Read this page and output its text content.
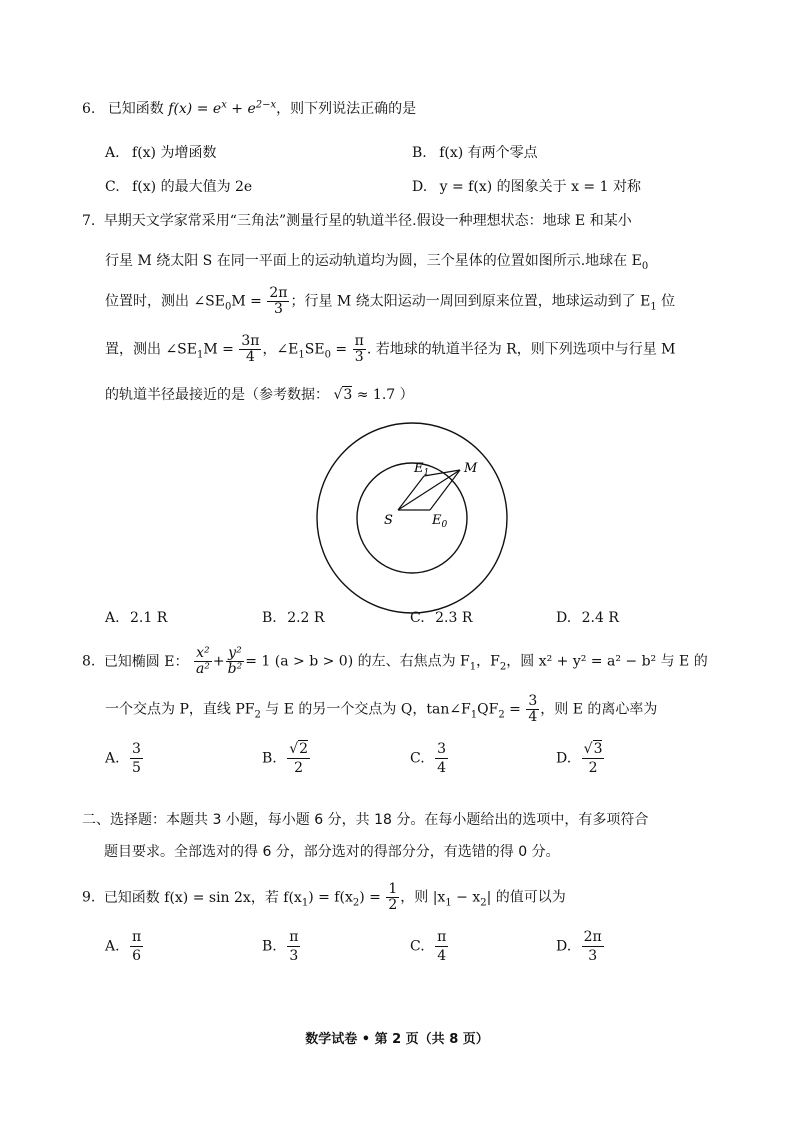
6. 已知函数 $f(x) = e^x + e^{2-x}$，则下列说法正确的是
A. f(x) 为增函数	B. f(x) 有两个零点
C. f(x) 的最大值为 2e	D. y = f(x) 的图象关于 x = 1 对称
7. 早期天文学家常采用“三角法”测量行星的轨道半径.假设一种理想状态：地球 E 和某小
行星 M 绕太阳 S 在同一平面上的运动轨道均为圆，三个星体的位置如图所示.地球在 $E_0$
位置时，测出 $\angle SE_0M = \frac{2\pi}{3}$ ；行星 M 绕太阳运动一周回到原来位置，地球运动到了 $E_1$ 位
置，测出 $\angle SE_1M = \frac{3\pi}{4}$ ，$\angle E_1SE_0 = \frac{\pi}{3}$ . 若地球的轨道半径为 R，则下列选项中与行星 M
的轨道半径最接近的是（参考数据： √3 ≈ 1.7 ）
$E_1$	M
S	$E_0$
A. 2.1 R	B. 2.2 R	C. 2.3 R	D. 2.4 R
8. 已知椭圆 E： $\frac{\text{x²}}{\text{a²}} + \frac{\text{y²}}{\text{b²}} = 1$ (a > b > 0) 的左、右焦点为 $F_1$，$F_2$，圆 x² + y² = a² − b² 与 E 的
一个交点为 P，直线 $PF_2$ 与 E 的另一个交点为 Q，$\tan\angle F_1QF_2 = \frac{3}{4}$ ，则 E 的离心率为
A. $\frac{3}{5}$	B. $\frac{√2}{2}$	C. $\frac{3}{4}$	D. $\frac{√3}{2}$
二、选择题：本题共 3 小题，每小题 6 分，共 18 分。在每小题给出的选项中，有多项符合
题目要求。全部选对的得 6 分，部分选对的得部分分，有选错的得 0 分。
9. 已知函数 f(x) = sin 2x，若 $f(x_1) = f(x_2) = \frac{1}{2}$ ，则 $|x_1 - x_2|$ 的值可以为
A. $\frac{\pi}{6}$	B. $\frac{\pi}{3}$	C. $\frac{\pi}{4}$	D. $\frac{2\pi}{3}$
数学试卷 • 第 2 页（共 8 页）
